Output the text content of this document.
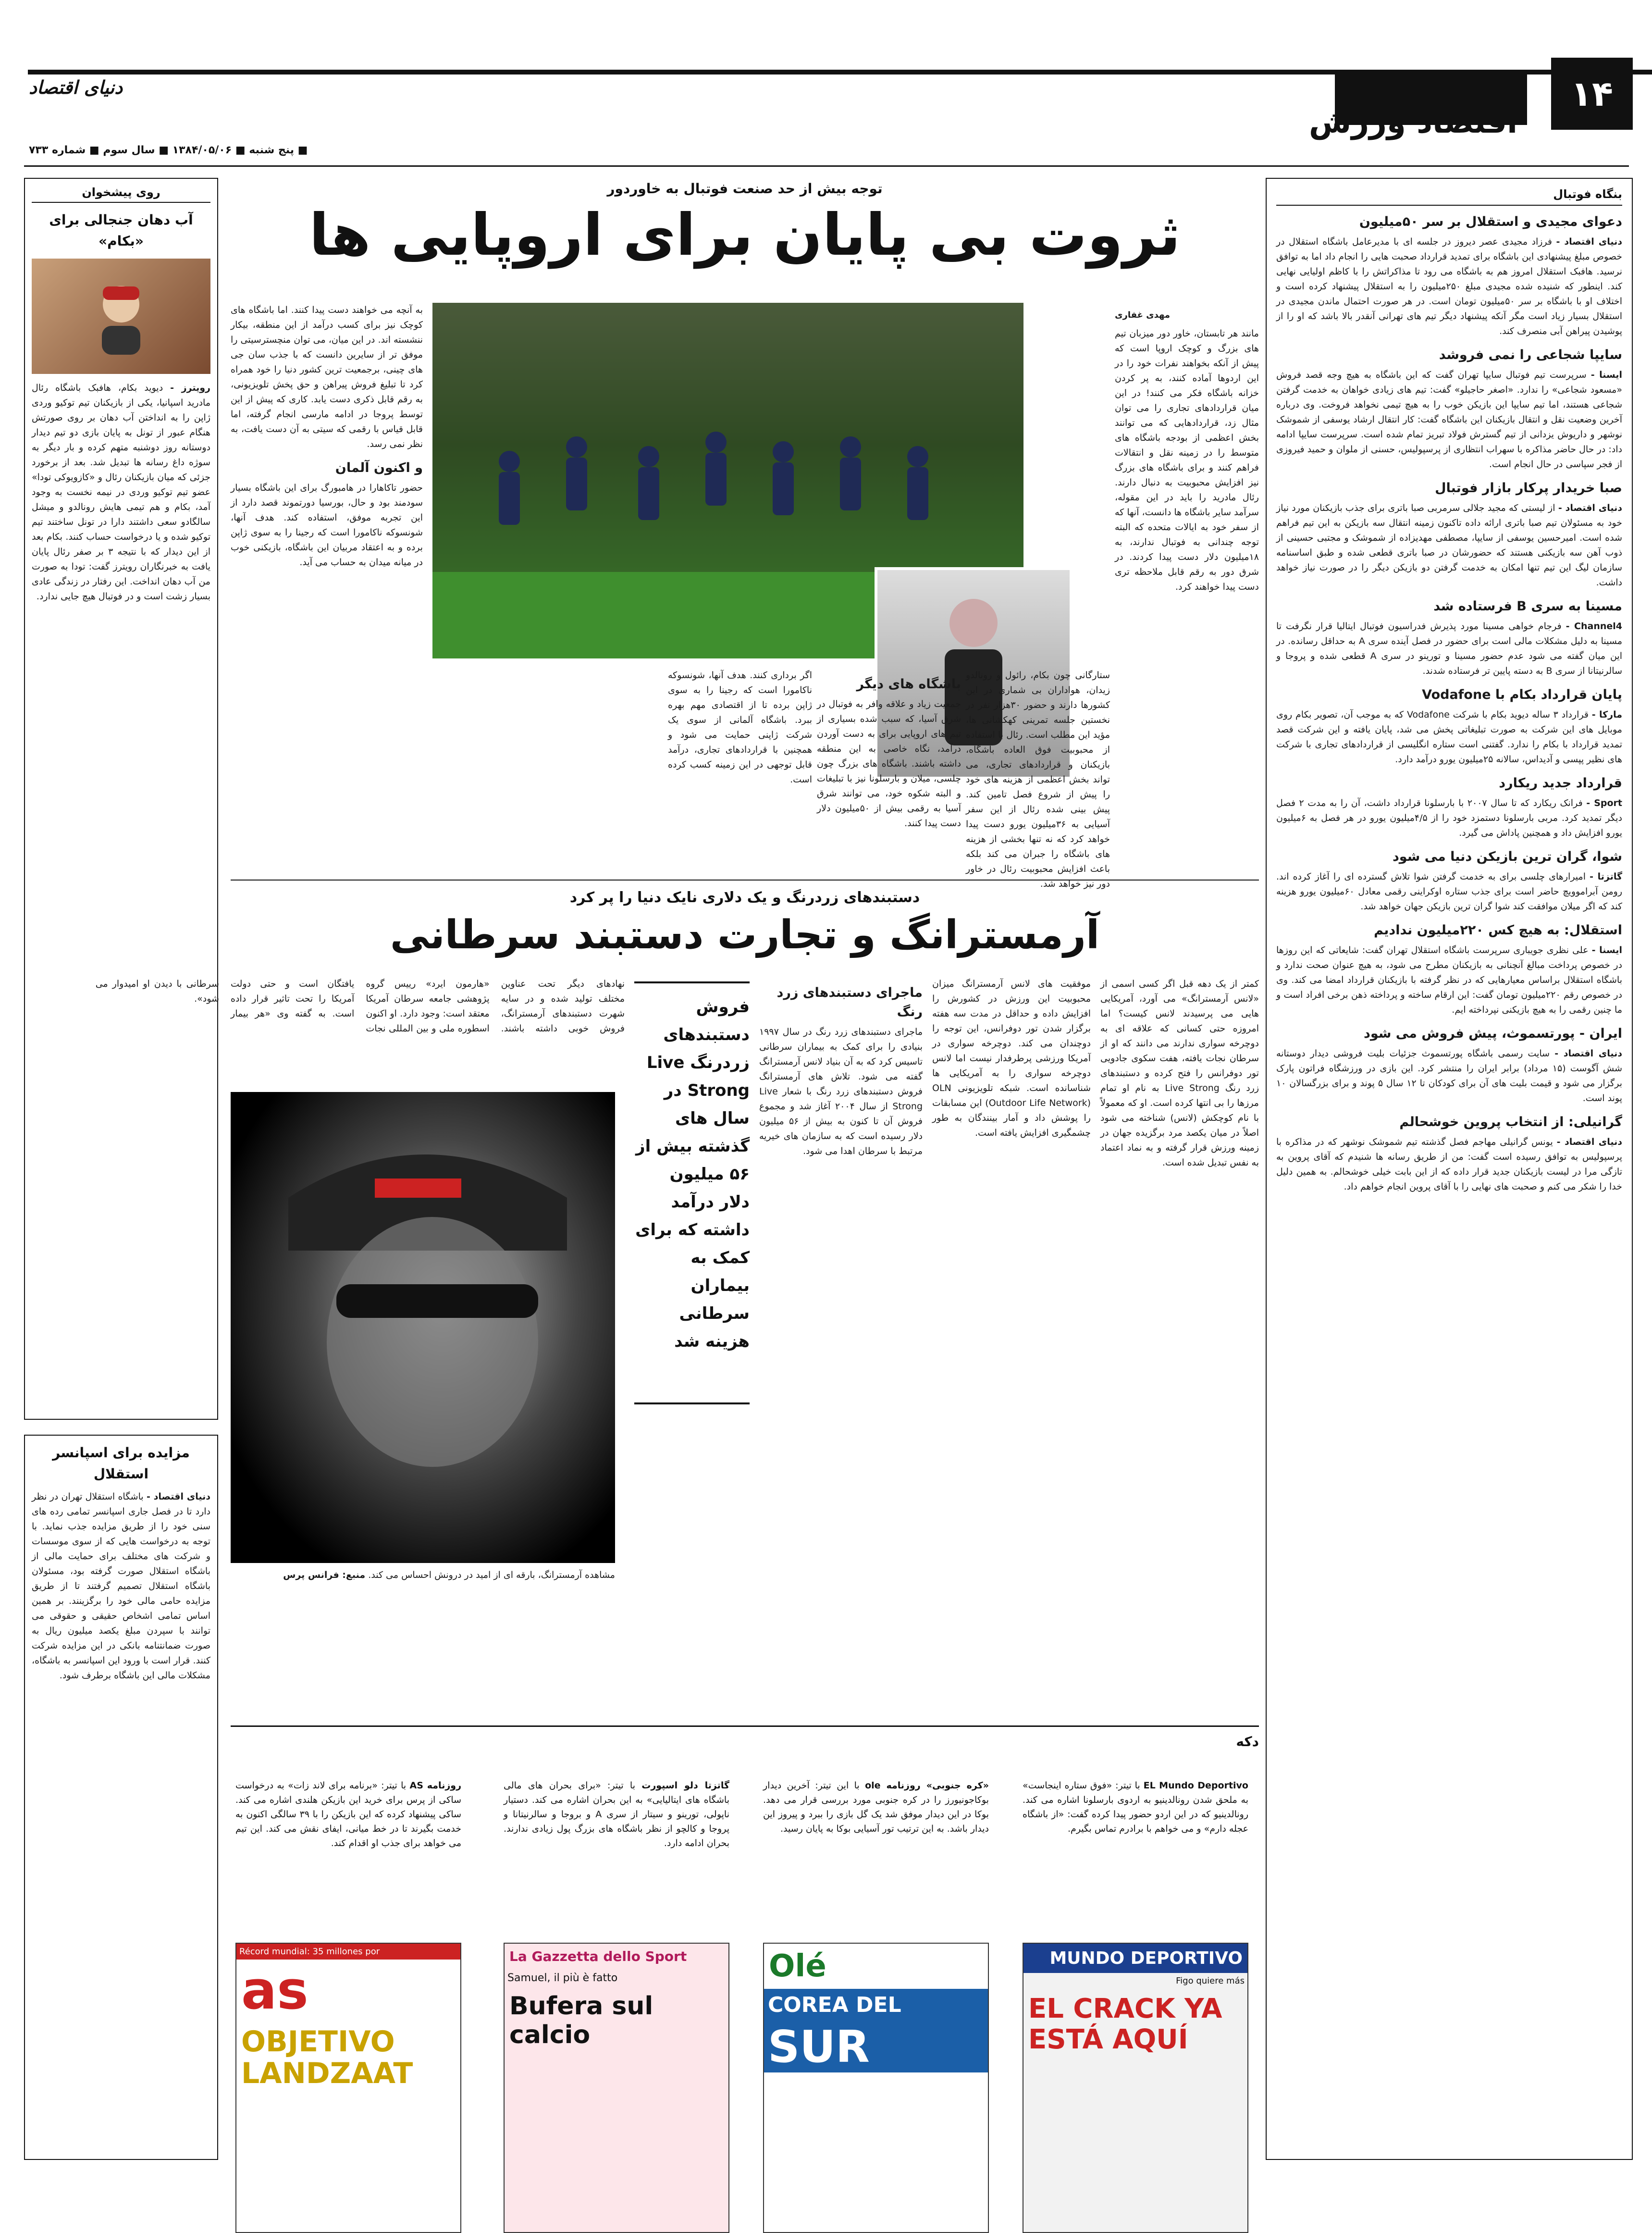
۱۴
اقتصاد ورزش
دنیای اقتصاد
■ پنج شنبه ■ ۱۳۸۴/۰۵/۰۶ ■ سال سوم ■ شماره ۷۳۳
بنگاه فوتبال
دعوای مجیدی و استقلال بر سر ۵۰میلیون

دنیای اقتصاد - فرزاد مجیدی عصر دیروز در جلسه ای با مدیرعامل باشگاه استقلال در خصوص مبلغ پیشنهادی این باشگاه برای تمدید قرارداد صحبت هایی را انجام داد اما به توافق نرسید. هافبک استقلال امروز هم به باشگاه می رود تا مذاکراتش را با کاظم اولیایی نهایی کند. اینطور که شنیده شده مجیدی مبلغ ۲۵۰میلیون را به استقلال پیشنهاد کرده است و اختلاف او با باشگاه بر سر ۵۰میلیون تومان است. در هر صورت احتمال ماندن مجیدی در استقلال بسیار زیاد است مگر آنکه پیشنهاد دیگر تیم های تهرانی آنقدر بالا باشد که او را از پوشیدن پیراهن آبی منصرف کند.

سایپا شجاعی را نمی فروشد

ایسنا - سرپرست تیم فوتبال سایپا تهران گفت که این باشگاه به هیچ وجه قصد فروش «مسعود شجاعی» را ندارد. «اصغر حاجیلو» گفت: تیم های زیادی خواهان به خدمت گرفتن شجاعی هستند، اما تیم سایپا این بازیکن خوب را به هیچ تیمی نخواهد فروخت. وی درباره آخرین وضعیت نقل و انتقال بازیکنان این باشگاه گفت: کار انتقال ارشاد یوسفی از شموشک نوشهر و داریوش یزدانی از تیم گسترش فولاد تبریز تمام شده است. سرپرست سایپا ادامه داد: در حال حاضر مذاکره با سهراب انتظاری از پرسپولیس، حسنی از ملوان و حمید فیروزی از فجر سپاسی در حال انجام است.

صبا خریدار پرکار بازار فوتبال

دنیای اقتصاد - از لیستی که مجید جلالی سرمربی صبا باتری برای جذب بازیکنان مورد نیاز خود به مسئولان تیم صبا باتری ارائه داده تاکنون زمینه انتقال سه بازیکن به این تیم فراهم شده است. امیرحسین یوسفی از سایپا، مصطفی مهدیزاده از شموشک و مجتبی حسینی از ذوب آهن سه بازیکنی هستند که حضورشان در صبا باتری قطعی شده و طبق اساسنامه سازمان لیگ این تیم تنها امکان به خدمت گرفتن دو بازیکن دیگر را در صورت نیاز خواهد داشت.

مسینا به سری B فرستاده شد

Channel4 - فرجام خواهی مسینا مورد پذیرش فدراسیون فوتبال ایتالیا قرار نگرفت تا مسینا به دلیل مشکلات مالی است برای حضور در فصل آینده سری A به حداقل رسانده. در این میان گفته می شود عدم حضور مسینا و تورینو در سری A قطعی شده و پروجا و سالرنیتانا از سری B به دسته پایین تر فرستاده شدند.

پایان قرارداد بکام با Vodafone

مارکا - قرارداد ۳ ساله دیوید بکام با شرکت Vodafone که به موجب آن، تصویر بکام روی موبایل های این شرکت به صورت تبلیغاتی پخش می شد، پایان یافته و این شرکت قصد تمدید قرارداد با بکام را ندارد. گفتنی است ستاره انگلیسی از قراردادهای تجاری با شرکت های نظیر پپسی و آدیداس، سالانه ۲۵میلیون یورو درآمد دارد.

قرارداد جدید ریکارد

Sport - فرانک ریکارد که تا سال ۲۰۰۷ با بارسلونا قرارداد داشت، آن را به مدت ۲ فصل دیگر تمدید کرد. مربی بارسلونا دستمزد خود را از ۴/۵میلیون یورو در هر فصل به ۶میلیون یورو افزایش داد و همچنین پاداش می گیرد.

شوا، گران ترین بازیکن دنیا می شود

گاتزتا - امیرارهای چلسی برای به خدمت گرفتن شوا تلاش گسترده ای را آغاز کرده اند. رومن آبراموویچ حاضر است برای جذب ستاره اوکراینی رقمی معادل ۶۰میلیون یورو هزینه کند که اگر میلان موافقت کند شوا گران ترین بازیکن جهان خواهد شد.

استقلال: به هیچ کس ۲۲۰میلیون ندادیم

ایسنا - علی نظری جویباری سرپرست باشگاه استقلال تهران گفت: شایعاتی که این روزها در خصوص پرداخت مبالغ آنچنانی به بازیکنان مطرح می شود، به هیچ عنوان صحت ندارد و باشگاه استقلال براساس معیارهایی که در نظر گرفته با بازیکنان قرارداد امضا می کند. وی در خصوص رقم ۲۲۰میلیون تومان گفت: این ارقام ساخته و پرداخته ذهن برخی افراد است و ما چنین رقمی را به هیچ بازیکنی نپرداخته ایم.

ایران - پورتسموث، پیش فروش می شود

دنیای اقتصاد - سایت رسمی باشگاه پورتسموث جزئیات بلیت فروشی دیدار دوستانه شش آگوست (۱۵ مرداد) برابر ایران را منتشر کرد. این بازی در ورزشگاه فراتون پارک برگزار می شود و قیمت بلیت های آن برای کودکان تا ۱۲ سال ۵ پوند و برای بزرگسالان ۱۰ پوند است.

گرانیلی: از انتخاب پروین خوشحالم

دنیای اقتصاد - یونس گرانیلی مهاجم فصل گذشته تیم شموشک نوشهر که در مذاکره با پرسپولیس به توافق رسیده است گفت: من از طریق رسانه ها شنیدم که آقای پروین به تازگی مرا در لیست بازیکنان جدید قرار داده که از این بابت خیلی خوشحالم. به همین دلیل خدا را شکر می کنم و صحبت های نهایی را با آقای پروین انجام خواهم داد.

روی پیشخوان
آب دهان جنجالی برای «بکام»
رویترز - دیوید بکام، هافبک باشگاه رئال مادرید اسپانیا، یکی از بازیکنان تیم توکیو وردی ژاپن را به انداختن آب دهان بر روی صورتش هنگام عبور از تونل به پایان بازی دو تیم دیدار دوستانه روز دوشنبه متهم کرده و بار دیگر به سوژه داغ رسانه ها تبدیل شد. بعد از برخورد جزئی که میان بازیکنان رئال و «کازویوکی تودا» عضو تیم توکیو وردی در نیمه نخست به وجود آمد، بکام و هم تیمی هایش رونالدو و میشل سالگادو سعی داشتند دارا در تونل ساختند تیم توکیو شده و یا درخواست حساب کنند. بکام بعد از این دیدار که با نتیجه ۳ بر صفر رئال پایان یافت به خبرنگاران رویترز گفت: تودا به صورت من آب دهان انداخت. این رفتار در زندگی عادی بسیار زشت است و در فوتبال هیچ جایی ندارد.
مزایده برای اسپانسر استقلال
دنیای اقتصاد - باشگاه استقلال تهران در نظر دارد تا در فصل جاری اسپانسر تمامی رده های سنی خود را از طریق مزایده جذب نماید. با توجه به درخواست هایی که از سوی موسسات و شرکت های مختلف برای حمایت مالی از باشگاه استقلال صورت گرفته بود، مسئولان باشگاه استقلال تصمیم گرفتند تا از طریق مزایده حامی مالی خود را برگزینند. بر همین اساس تمامی اشخاص حقیقی و حقوقی می توانند با سپردن مبلغ یکصد میلیون ریال به صورت ضمانتنامه بانکی در این مزایده شرکت کنند. قرار است با ورود این اسپانسر به باشگاه، مشکلات مالی این باشگاه برطرف شود.
توجه بیش از حد صنعت فوتبال به خاوردور
ثروت بی پایان برای اروپایی ها
مهدی غفاری
مانند هر تابستان، خاور دور میزبان تیم های بزرگ و کوچک اروپا است که پیش از آنکه بخواهند نفرات خود را در این اردوها آماده کنند، به پر کردن خزانه باشگاه فکر می کنند! در این میان قراردادهای تجاری را می توان مثال زد، قراردادهایی که می توانند بخش اعظمی از بودجه باشگاه های متوسط را در زمینه نقل و انتقالات فراهم کنند و برای باشگاه های بزرگ نیز افزایش محبوبیت به دنبال دارند. رئال مادرید را باید در این مقوله، سرآمد سایر باشگاه ها دانست، آنها که از سفر خود به ایالات متحده که البته توجه چندانی به فوتبال ندارند، به ۱۸میلیون دلار دست پیدا کردند. در شرق دور به رقم قابل ملاحظه تری دست پیدا خواهند کرد.
ستارگانی چون بکام، رائول و رونالدو زیدان، هواداران بی شماری در این کشورها دارند و حضور ۳۰هزار نفر در نخستین جلسه تمرینی کهکشانی ها، مؤید این مطلب است. رئال با استفاده از محبوبیت فوق العاده باشگاه، بازیکنان و قراردادهای تجاری، می تواند بخش اعظمی از هزینه های خود را پیش از شروع فصل تامین کند. پیش بینی شده رئال از این سفر آسیایی به ۳۶میلیون یورو دست پیدا خواهد کرد که نه تنها بخشی از هزینه های باشگاه را جبران می کند بلکه باعث افزایش محبوبیت رئال در خاور دور نیز خواهد شد.
باشگاه های دیگر
جمعیت زیاد و علاقه وافر به فوتبال در شرق آسیا، که سبب شده بسیاری از تیم های اروپایی برای به دست آوردن درآمد، نگاه خاصی به این منطقه داشته باشند. باشگاه های بزرگ چون چلسی، میلان و بارسلونا نیز با تبلیغات و البته شکوه خود، می توانند شرق آسیا به رقمی بیش از ۵۰میلیون دلار دست پیدا کنند.
اگر برداری کنند. هدف آنها، شونسوکه ناکامورا است که رجینا را به سوی ژاپن برده تا از اقتصادی مهم بهره ببرد. باشگاه آلمانی از سوی یک شرکت ژاپنی حمایت می شود و همچنین با قراردادهای تجاری، درآمد قابل توجهی در این زمینه کسب کرده است.
به آنچه می خواهند دست پیدا کنند. اما باشگاه های کوچک نیز برای کسب درآمد از این منطقه، بیکار ننشسته اند. در این میان، می توان منچسترسیتی را موفق تر از سایرین دانست که با جذب سان جی های چینی، برجمعیت ترین کشور دنیا را خود همراه کرد تا تبلیغ فروش پیراهن و حق پخش تلویزیونی، به رقم قابل ذکری دست یابد. کاری که پیش از این توسط پروجا در ادامه مارسی انجام گرفته، اما قابل قیاس با رقمی که سیتی به آن دست یافت، به نظر نمی رسد.
و اکنون آلمان
حضور تاکاهارا در هامبورگ برای این باشگاه بسیار سودمند بود و حال، بورسیا دورتموند قصد دارد از این تجربه موفق، استفاده کند. هدف آنها، شونسوکه ناکامورا است که رجینا را به سوی ژاپن برده و به اعتقاد مربیان این باشگاه، بازیکنی خوب در میانه میدان به حساب می آید.
دستبندهای زردرنگ و یک دلاری نایک دنیا را پر کرد
آرمسترانگ و تجارت دستبند سرطانی
کمتر از یک دهه قبل اگر کسی اسمی از «لانس آرمسترانگ» می آورد، آمریکایی هایی می پرسیدند لانس کیست؟ اما امروزه حتی کسانی که علاقه ای به دوچرخه سواری ندارند می دانند که او از سرطان نجات یافته، هفت سکوی جادویی تور دوفرانس را فتح کرده و دستبندهای زرد رنگ Live Strong به نام او تمام مرزها را بی انتها کرده است. او که معمولاً با نام کوچکش (لانس) شناخته می شود اصلاً در میان یکصد مرد برگزیده جهان در زمینه ورزش قرار گرفته و به نماد اعتماد به نفس تبدیل شده است.
موفقیت های لانس آرمسترانگ میزان محبوبیت این ورزش در کشورش را افزایش داده و حداقل در مدت سه هفته برگزار شدن تور دوفرانس، این توجه را دوچندان می کند. دوچرخه سواری در آمریکا ورزشی پرطرفدار نیست اما لانس دوچرخه سواری را به آمریکایی ها شناسانده است. شبکه تلویزیونی OLN (Outdoor Life Network) این مسابقات را پوشش داد و آمار بینندگان به طور چشمگیری افزایش یافته است.
ماجرای دستبندهای زرد رنگ
ماجرای دستبندهای زرد رنگ در سال ۱۹۹۷ بنیادی را برای کمک به بیماران سرطانی تاسیس کرد که به آن بنیاد لانس آرمسترانگ گفته می شود. تلاش های آرمسترانگ فروش دستبندهای زرد رنگ با شعار Live Strong از سال ۲۰۰۴ آغاز شد و مجموع فروش آن تا کنون به بیش از ۵۶ میلیون دلار رسیده است که به سازمان های خیریه مرتبط با سرطان اهدا می شود.
فروش دستبندهای زردرنگ Live Strong در سال های گذشته بیش از ۵۶ میلیون دلار درآمد داشته که برای کمک به بیماران سرطانی هزینه شد
نهادهای دیگر تحت عناوین مختلف تولید شده و در سایه شهرت دستبندهای آرمسترانگ، فروش خوبی داشته باشند. «هارمون ایرد» رییس گروه پژوهشی جامعه سرطان آمریکا معتقد است: وجود دارد. او اکنون اسطوره ملی و بین المللی نجات یافتگان است و حتی دولت آمریکا را تحت تاثیر قرار داده است. به گفته وی «هر بیمار سرطانی با دیدن او امیدوار می شود».
مشاهده آرمسترانگ، بارقه ای از امید در درونش احساس می کند. منبع: فرانس پرس
دکه
EL Mundo Deportivo با تیتر: «فوق ستاره اینجاست» به ملحق شدن رونالدینیو به اردوی بارسلونا اشاره می کند. رونالدینیو که در این اردو حضور پیدا کرده گفت: «از باشگاه عجله دارم» و می خواهم با برادرم تماس بگیرم.
MUNDO DEPORTIVO
Figo quiere más
EL CRACK YA ESTÁ AQUÍ
«کره جنوبی» روزنامه ole با این تیتر: آخرین دیدار بوکاجونیورز را در کره جنوبی مورد بررسی قرار می دهد. بوکا در این دیدار موفق شد یک گل بازی را ببرد و پیروز این دیدار باشد. به این ترتیب تور آسیایی بوکا به پایان رسید.
Olé
COREA DEL
SUR
گاتزتا دلو اسپورت با تیتر: «برای بحران های مالی باشگاه های ایتالیایی» به این بحران اشاره می کند. دستیار ناپولی، تورینو و سیتار از سری A و بروجا و سالرنیتانا و پروجا و کالچو از نظر باشگاه های بزرگ پول زیادی ندارند. بحران ادامه دارد.
La Gazzetta dello Sport
Samuel, il più è fatto
Bufera sul calcio
روزنامه AS با تیتر: «برنامه برای لاند زات» به درخواست ساکی از پرس برای خرید این بازیکن هلندی اشاره می کند. ساکی پیشنهاد کرده که این بازیکن را با ۳۹ سالگی اکنون به خدمت بگیرند تا در خط میانی، ایفای نقش می کند. این تیم می خواهد برای جذب او اقدام کند.
Récord mundial: 35 millones por
as
OBJETIVO LANDZAAT
